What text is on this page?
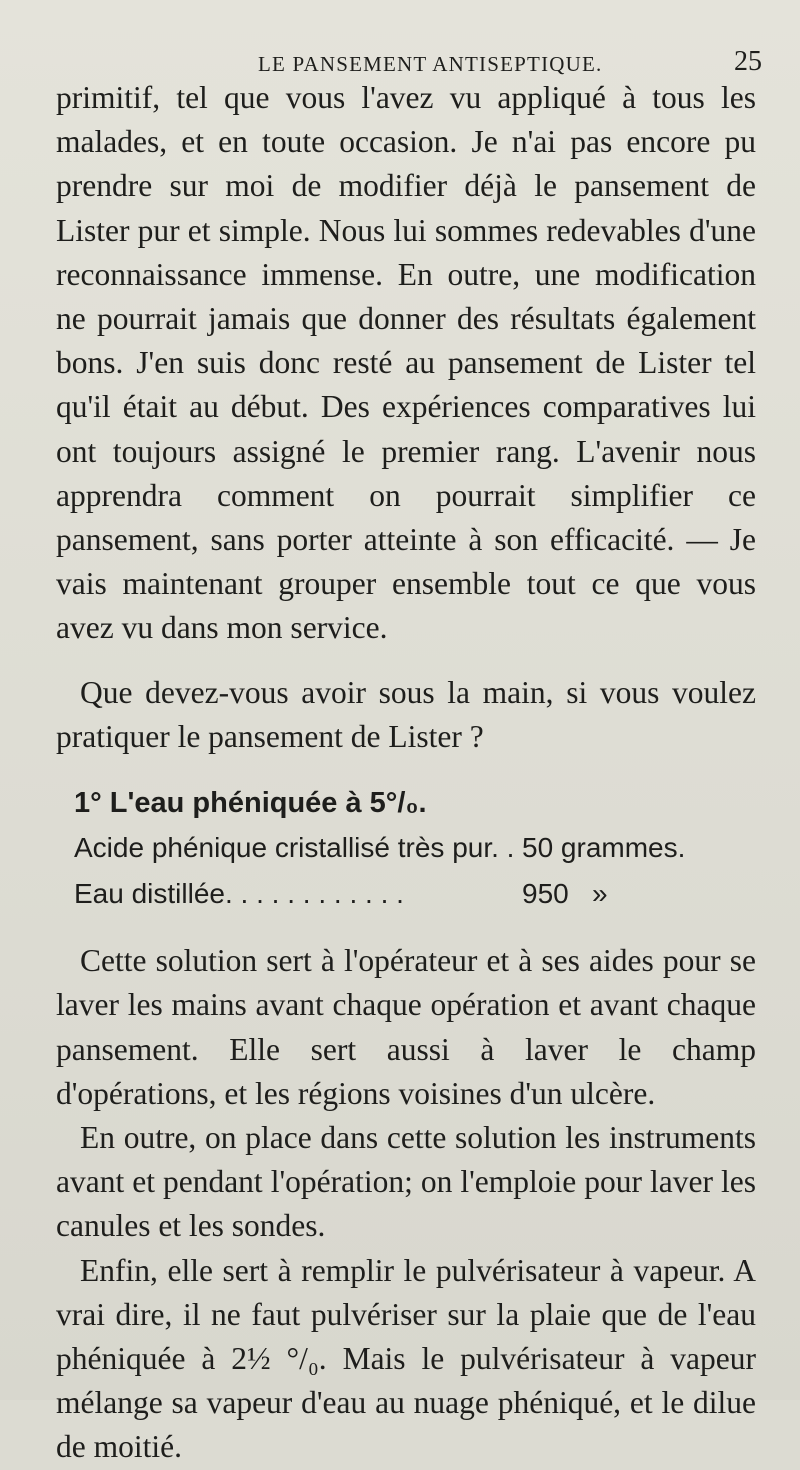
LE PANSEMENT ANTISEPTIQUE.	25

primitif, tel que vous l'avez vu appliqué à tous les malades, et en toute occasion. Je n'ai pas encore pu prendre sur moi de modifier déjà le pansement de Lister pur et simple. Nous lui sommes redevables d'une reconnaissance immense. En outre, une modification ne pourrait jamais que donner des résultats également bons. J'en suis donc resté au pansement de Lister tel qu'il était au début. Des expériences comparatives lui ont toujours assigné le premier rang. L'avenir nous apprendra comment on pourrait simplifier ce pansement, sans porter atteinte à son efficacité. — Je vais maintenant grouper ensemble tout ce que vous avez vu dans mon service.

Que devez-vous avoir sous la main, si vous voulez pratiquer le pansement de Lister ?

1° L'eau phéniquée à 5°/₀.

Acide phénique cristallisé très pur. . 50 grammes.
Eau distillée. . . . . . . . . . . .	950   »

Cette solution sert à l'opérateur et à ses aides pour se laver les mains avant chaque opération et avant chaque pansement. Elle sert aussi à laver le champ d'opérations, et les régions voisines d'un ulcère.

En outre, on place dans cette solution les instruments avant et pendant l'opération; on l'emploie pour laver les canules et les sondes.

Enfin, elle sert à remplir le pulvérisateur à vapeur. A vrai dire, il ne faut pulvériser sur la plaie que de l'eau phéniquée à 2½ °/₀. Mais le pulvérisateur à vapeur mélange sa vapeur d'eau au nuage phéniqué, et le dilue de moitié.
